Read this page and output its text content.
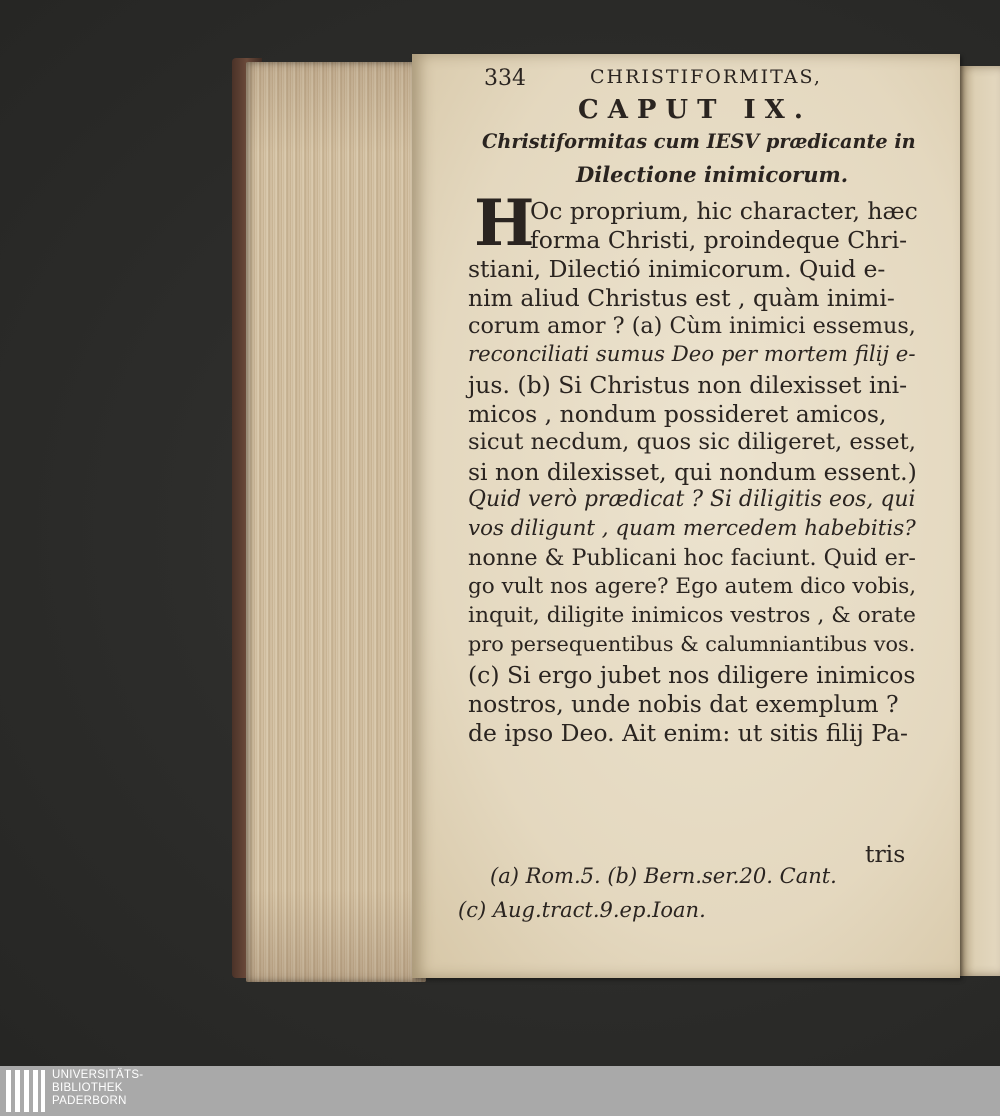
334	CHRISTIFORMITAS,
CAPUT IX.
Christiformitas cum IESV prædicante in
Dilectione inimicorum.
H
Oc proprium, hic character, hæc
forma Christi, proindeque Chri-
stiani, Dilectió inimicorum. Quid e-
nim aliud Christus est , quàm inimi-
corum amor ? (a) Cùm inimici essemus,
reconciliati sumus Deo per mortem filij e-
jus. (b) Si Christus non dilexisset ini-
micos , nondum possideret amicos,
sicut necdum, quos sic diligeret, esset,
si non dilexisset, qui nondum essent.)
Quid verò prædicat ? Si diligitis eos, qui
vos diligunt , quam mercedem habebitis?
nonne & Publicani hoc faciunt. Quid er-
go vult nos agere? Ego autem dico vobis,
inquit, diligite inimicos vestros , & orate
pro persequentibus & calumniantibus vos.
(c) Si ergo jubet nos diligere inimicos
nostros, unde nobis dat exemplum ?
de ipso Deo. Ait enim: ut sitis filij Pa-
tris
(a) Rom.5. (b) Bern.ser.20. Cant.
(c) Aug.tract.9.ep.Ioan.
UNIVERSITÄTS-
BIBLIOTHEK
PADERBORN
